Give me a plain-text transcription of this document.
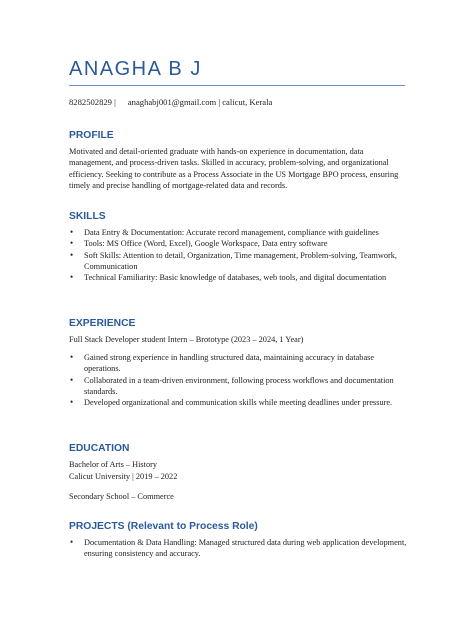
ANAGHA B J
8282502829 | anaghabj001@gmail.com | calicut, Kerala
PROFILE

Motivated and detail-oriented graduate with hands-on experience in documentation, data management, and process-driven tasks. Skilled in accuracy, problem-solving, and organizational efficiency. Seeking to contribute as a Process Associate in the US Mortgage BPO process, ensuring timely and precise handling of mortgage-related data and records.

SKILLS
• Data Entry & Documentation: Accurate record management, compliance with guidelines
• Tools: MS Office (Word, Excel), Google Workspace, Data entry software
• Soft Skills: Attention to detail, Organization, Time management, Problem-solving, Teamwork, Communication
• Technical Familiarity: Basic knowledge of databases, web tools, and digital documentation
EXPERIENCE

Full Stack Developer student Intern – Brototype (2023 – 2024, 1 Year)

• Gained strong experience in handling structured data, maintaining accuracy in database operations.
• Collaborated in a team-driven environment, following process workflows and documentation standards.
• Developed organizational and communication skills while meeting deadlines under pressure.
EDUCATION

Bachelor of Arts – History

Calicut University | 2019 – 2022

Secondary School – Commerce

PROJECTS (Relevant to Process Role)
• Documentation & Data Handling: Managed structured data during web application development, ensuring consistency and accuracy.
